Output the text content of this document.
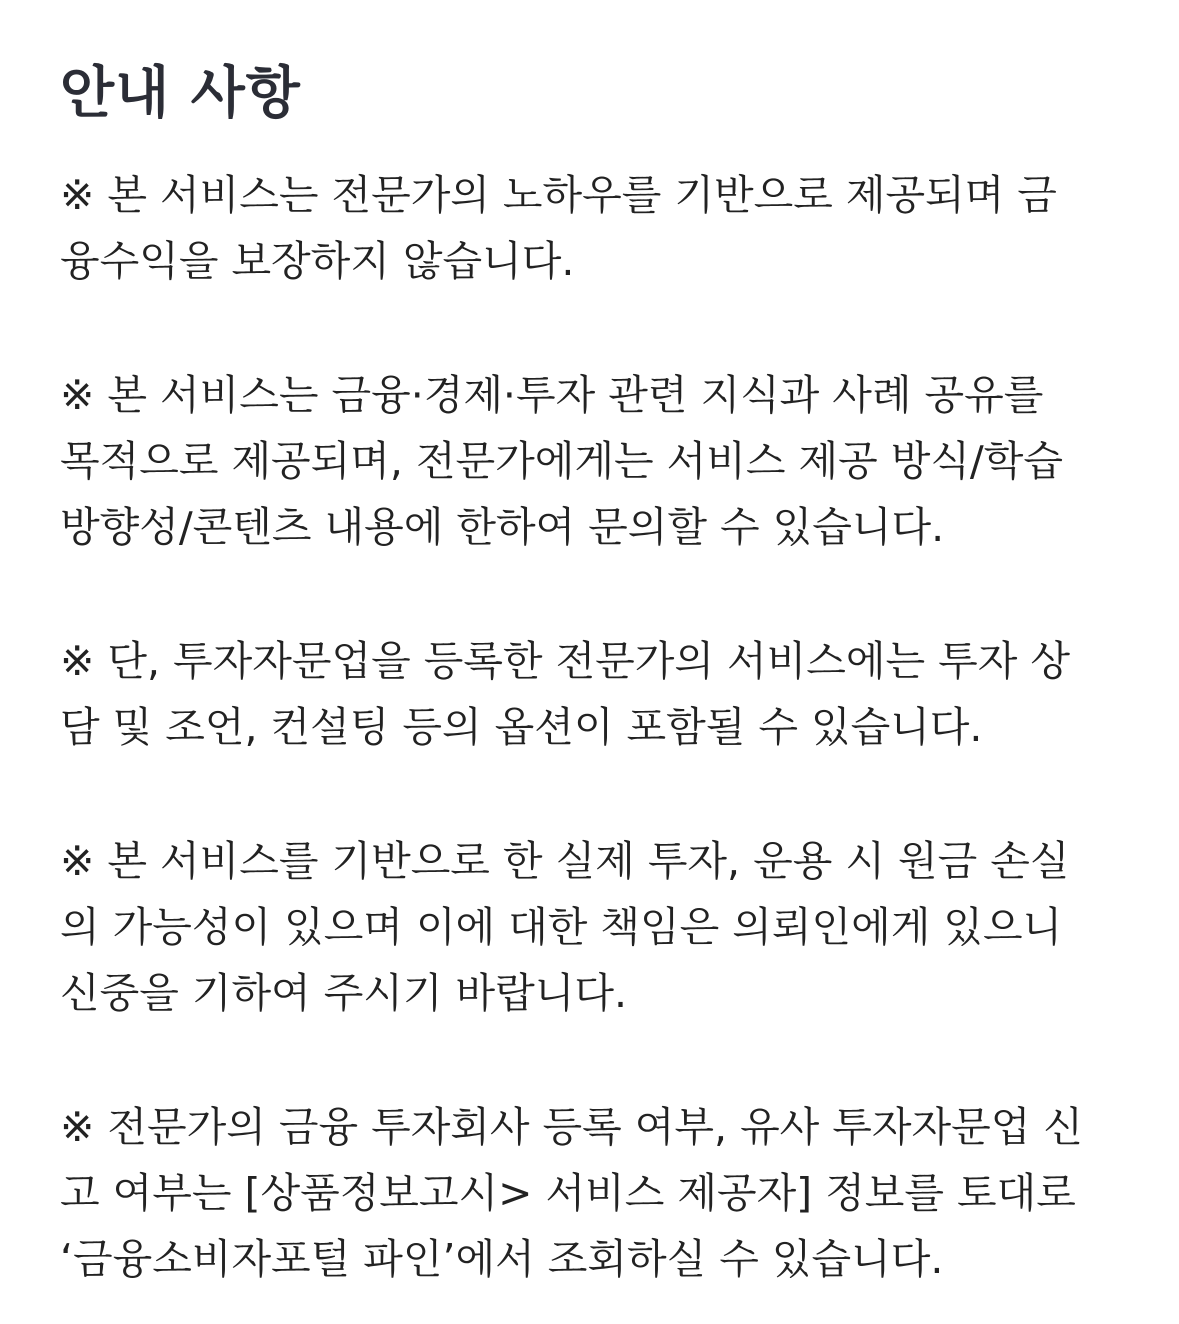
안내 사항

※ 본 서비스는 전문가의 노하우를 기반으로 제공되며 금
융수익을 보장하지 않습니다.

※ 본 서비스는 금융·경제·투자 관련 지식과 사례 공유를
목적으로 제공되며, 전문가에게는 서비스 제공 방식/학습
방향성/콘텐츠 내용에 한하여 문의할 수 있습니다.

※ 단, 투자자문업을 등록한 전문가의 서비스에는 투자 상
담 및 조언, 컨설팅 등의 옵션이 포함될 수 있습니다.

※ 본 서비스를 기반으로 한 실제 투자, 운용 시 원금 손실
의 가능성이 있으며 이에 대한 책임은 의뢰인에게 있으니
신중을 기하여 주시기 바랍니다.

※ 전문가의 금융 투자회사 등록 여부, 유사 투자자문업 신
고 여부는 [상품정보고시> 서비스 제공자] 정보를 토대로
‘금융소비자포털 파인’에서 조회하실 수 있습니다.
